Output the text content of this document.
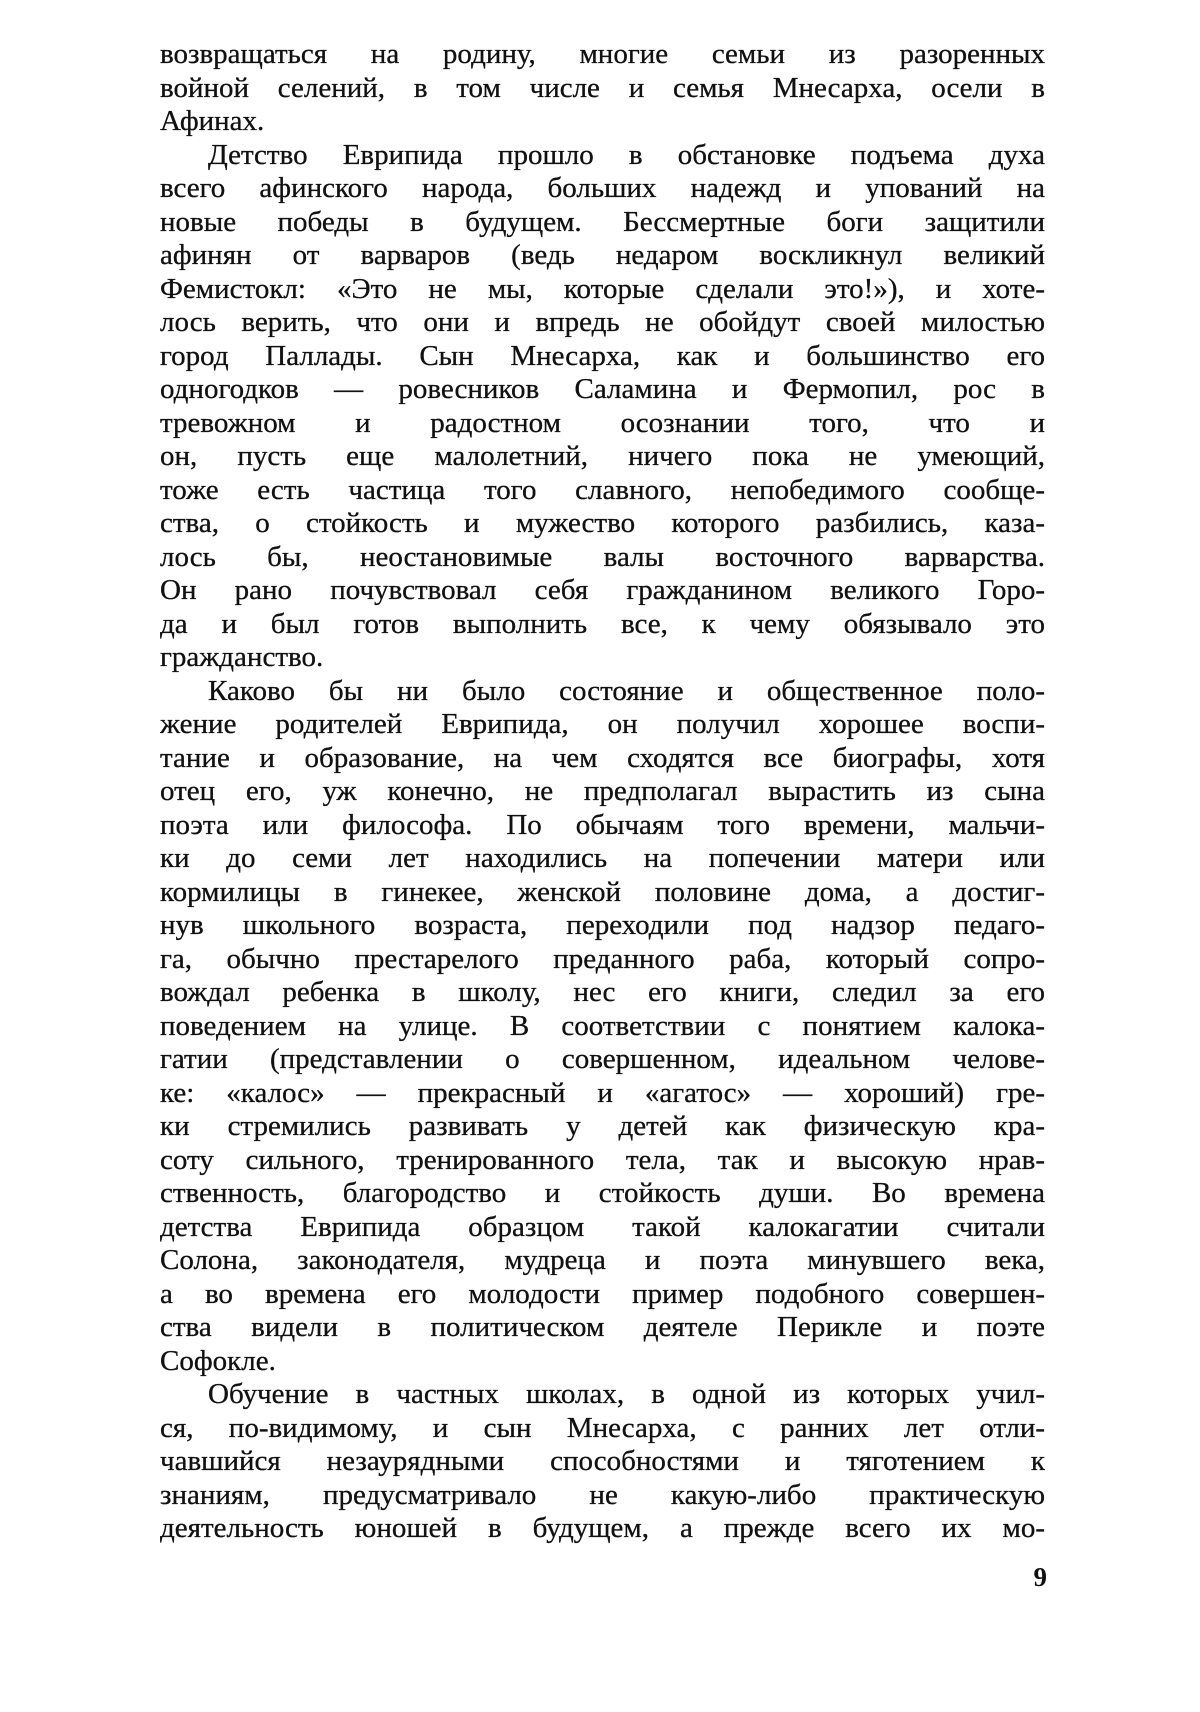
возвращаться на родину, многие семьи из разоренных
войной селений, в том числе и семья Мнесарха, осели в
Афинах.
Детство Еврипида прошло в обстановке подъема духа
всего афинского народа, больших надежд и упований на
новые победы в будущем. Бессмертные боги защитили
афинян от варваров (ведь недаром воскликнул великий
Фемистокл: «Это не мы, которые сделали это!»), и хоте-
лось верить, что они и впредь не обойдут своей милостью
город Паллады. Сын Мнесарха, как и большинство его
одногодков — ровесников Саламина и Фермопил, рос в
тревожном и радостном осознании того, что и
он, пусть еще малолетний, ничего пока не умеющий,
тоже есть частица того славного, непобедимого сообще-
ства, о стойкость и мужество которого разбились, каза-
лось бы, неостановимые валы восточного варварства.
Он рано почувствовал себя гражданином великого Горо-
да и был готов выполнить все, к чему обязывало это
гражданство.
Каково бы ни было состояние и общественное поло-
жение родителей Еврипида, он получил хорошее воспи-
тание и образование, на чем сходятся все биографы, хотя
отец его, уж конечно, не предполагал вырастить из сына
поэта или философа. По обычаям того времени, мальчи-
ки до семи лет находились на попечении матери или
кормилицы в гинекее, женской половине дома, а достиг-
нув школьного возраста, переходили под надзор педаго-
га, обычно престарелого преданного раба, который сопро-
вождал ребенка в школу, нес его книги, следил за его
поведением на улице. В соответствии с понятием калока-
гатии (представлении о совершенном, идеальном челове-
ке: «калос» — прекрасный и «агатос» — хороший) гре-
ки стремились развивать у детей как физическую кра-
соту сильного, тренированного тела, так и высокую нрав-
ственность, благородство и стойкость души. Во времена
детства Еврипида образцом такой калокагатии считали
Солона, законодателя, мудреца и поэта минувшего века,
а во времена его молодости пример подобного совершен-
ства видели в политическом деятеле Перикле и поэте
Софокле.
Обучение в частных школах, в одной из которых учил-
ся, по-видимому, и сын Мнесарха, с ранних лет отли-
чавшийся незаурядными способностями и тяготением к
знаниям, предусматривало не какую-либо практическую
деятельность юношей в будущем, а прежде всего их мо-
9
